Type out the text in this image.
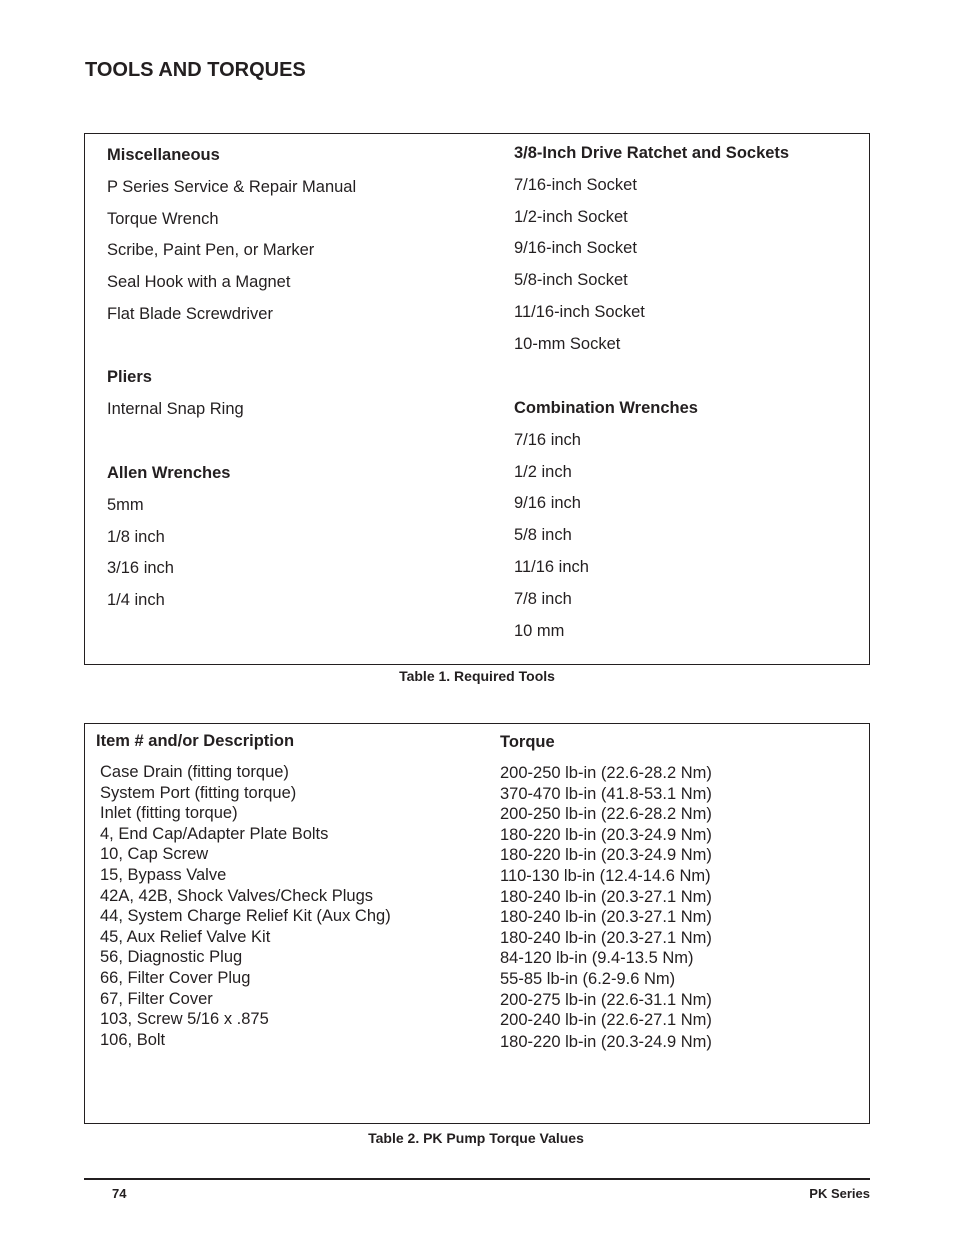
TOOLS AND TORQUES
Miscellaneous
P Series Service & Repair Manual
Torque Wrench
Scribe, Paint Pen, or Marker
Seal Hook with a Magnet
Flat Blade Screwdriver
Pliers
Internal Snap Ring
Allen Wrenches
5mm
1/8 inch
3/16 inch
1/4 inch
3/8-Inch Drive Ratchet and Sockets
7/16-inch Socket
1/2-inch Socket
9/16-inch Socket
5/8-inch Socket
11/16-inch Socket
10-mm Socket
Combination Wrenches
7/16 inch
1/2 inch
9/16 inch
5/8 inch
11/16 inch
7/8 inch
10 mm
Table 1. Required Tools
Item # and/or Description	Torque
Case Drain (fitting torque)	200-250 lb-in (22.6-28.2 Nm)
System Port (fitting torque)	370-470 lb-in (41.8-53.1 Nm)
Inlet (fitting torque)	200-250 lb-in (22.6-28.2 Nm)
4, End Cap/Adapter Plate Bolts	180-220 lb-in (20.3-24.9 Nm)
10, Cap Screw	180-220 lb-in (20.3-24.9 Nm)
15, Bypass Valve	110-130 lb-in (12.4-14.6 Nm)
42A, 42B, Shock Valves/Check Plugs	180-240 lb-in (20.3-27.1 Nm)
44, System Charge Relief Kit (Aux Chg)	180-240 lb-in (20.3-27.1 Nm)
45, Aux Relief Valve Kit	180-240 lb-in (20.3-27.1 Nm)
56, Diagnostic Plug	84-120 lb-in (9.4-13.5 Nm)
66, Filter Cover Plug	55-85 lb-in (6.2-9.6 Nm)
67, Filter Cover	200-275 lb-in (22.6-31.1 Nm)
103, Screw 5/16 x .875	200-240 lb-in (22.6-27.1 Nm)
106, Bolt	180-220 lb-in (20.3-24.9 Nm)
Table 2. PK Pump Torque Values
74	PK Series
